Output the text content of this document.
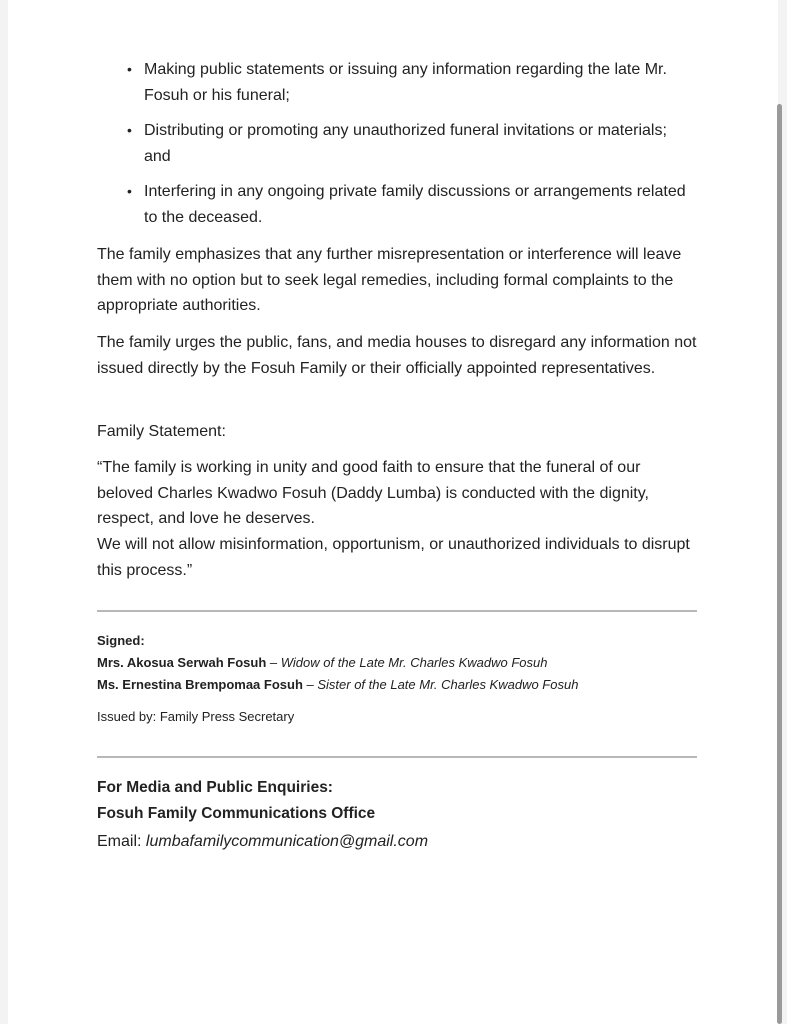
• Making public statements or issuing any information regarding the late Mr. Fosuh or his funeral;
• Distributing or promoting any unauthorized funeral invitations or materials; and
• Interfering in any ongoing private family discussions or arrangements related to the deceased.

The family emphasizes that any further misrepresentation or interference will leave them with no option but to seek legal remedies, including formal complaints to the appropriate authorities.

The family urges the public, fans, and media houses to disregard any information not issued directly by the Fosuh Family or their officially appointed representatives.

Family Statement:

“The family is working in unity and good faith to ensure that the funeral of our beloved Charles Kwadwo Fosuh (Daddy Lumba) is conducted with the dignity, respect, and love he deserves.

We will not allow misinformation, opportunism, or unauthorized individuals to disrupt this process.”

Signed:
Mrs. Akosua Serwah Fosuh – Widow of the Late Mr. Charles Kwadwo Fosuh
Ms. Ernestina Brempomaa Fosuh – Sister of the Late Mr. Charles Kwadwo Fosuh
Issued by: Family Press Secretary
For Media and Public Enquiries:
Fosuh Family Communications Office
Email: lumbafamilycommunication@gmail.com
